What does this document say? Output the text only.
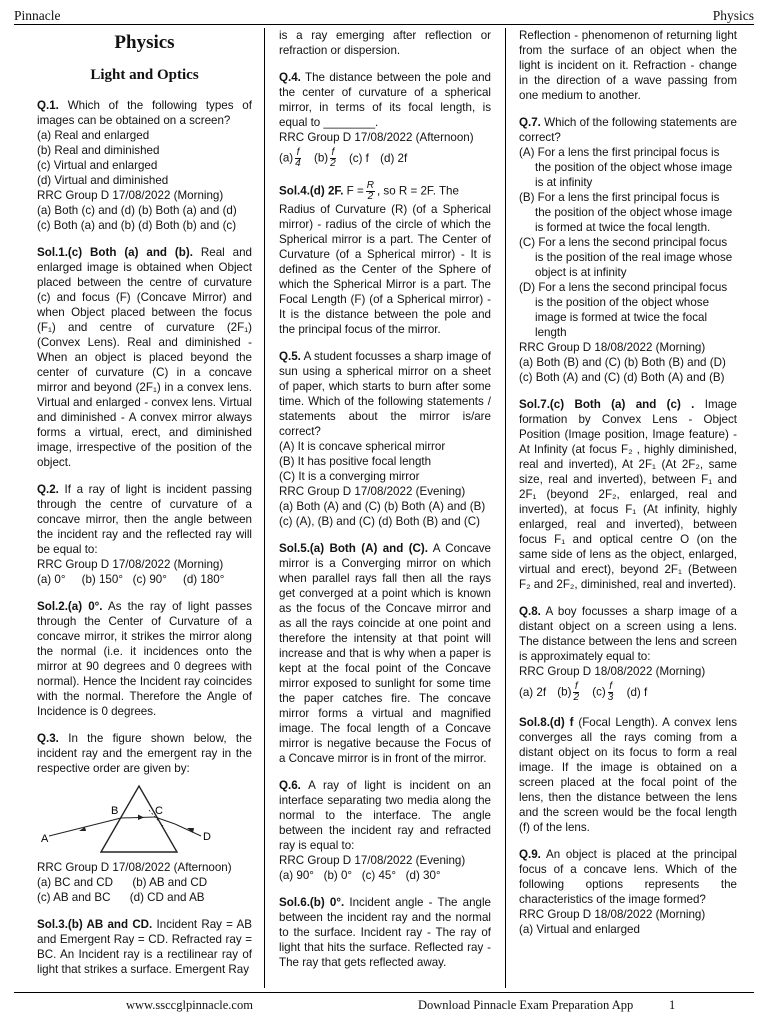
Pinnacle	Physics
Physics
Light and Optics

Q.1. Which of the following types of images can be obtained on a screen?

(a) Real and enlarged

(b) Real and diminished

(c) Virtual and enlarged

(d) Virtual and diminished

RRC Group D 17/08/2022 (Morning)

(a) Both (c) and (d) (b) Both (a) and (d)

(c) Both (a) and (b) (d) Both (b) and (c)

Sol.1.(c) Both (a) and (b). Real and enlarged image is obtained when Object placed between the centre of curvature (c) and focus (F) (Concave Mirror) and when Object placed between the focus (F₁) and centre of curvature (2F₁) (Convex Lens). Real and diminished - When an object is placed beyond the center of curvature (C) in a concave mirror and beyond (2F₁) in a convex lens. Virtual and enlarged - convex lens. Virtual and diminished - A convex mirror always forms a virtual, erect, and diminished image, irrespective of the position of the object.

Q.2. If a ray of light is incident passing through the centre of curvature of a concave mirror, then the angle between the incident ray and the reflected ray will be equal to:

RRC Group D 17/08/2022 (Morning)

(a) 0°     (b) 150°   (c) 90°     (d) 180°

Sol.2.(a) 0°. As the ray of light passes through the Center of Curvature of a concave mirror, it strikes the mirror along the normal (i.e. it incidences onto the mirror at 90 degrees and 0 degrees with normal). Hence the Incident ray coincides with the normal. Therefore the Angle of Incidence is 0 degrees.

Q.3. In the figure shown below, the incident ray and the emergent ray in the respective order are given by:

A
B	C
D

RRC Group D 17/08/2022 (Afternoon)

(a) BC and CD      (b) AB and CD

(c) AB and BC      (d) CD and AB

Sol.3.(b) AB and CD. Incident Ray = AB and Emergent Ray = CD. Refracted ray = BC. An Incident ray is a rectilinear ray of light that strikes a surface. Emergent Ray

is a ray emerging after reflection or refraction or dispersion.

Q.4. The distance between the pole and the center of curvature of a spherical mirror, in terms of its focal length, is equal to ________.

RRC Group D 17/08/2022 (Afternoon)

$(a) \frac{f}{4} (b) \frac{f}{2} (c)$ f (d) 2f

Sol.4.(d) 2F. $F = \frac{R}{2}$ , so R = 2F. The

Radius of Curvature (R) (of a Spherical mirror) - radius of the circle of which the Spherical mirror is a part. The Center of Curvature (of a Spherical mirror) - It is defined as the Center of the Sphere of which the Spherical Mirror is a part. The Focal Length (F) (of a Spherical mirror) - It is the distance between the pole and the principal focus of the mirror.

Q.5. A student focusses a sharp image of sun using a spherical mirror on a sheet of paper, which starts to burn after some time. Which of the following statements / statements about the mirror is/are correct?

(A) It is concave spherical mirror

(B) It has positive focal length

(C) It is a converging mirror

RRC Group D 17/08/2022 (Evening)

(a) Both (A) and (C) (b) Both (A) and (B)

(c) (A), (B) and (C) (d) Both (B) and (C)

Sol.5.(a) Both (A) and (C). A Concave mirror is a Converging mirror on which when parallel rays fall then all the rays get converged at a point which is known as the focus of the Concave mirror and as all the rays coincide at one point and therefore the intensity at that point will increase and that is why when a paper is kept at the focal point of the Concave mirror exposed to sunlight for some time the paper catches fire. The concave mirror forms a virtual and magnified image. The focal length of a Concave mirror is negative because the Focus of a Concave mirror is in front of the mirror.

Q.6. A ray of light is incident on an interface separating two media along the normal to the interface. The angle between the incident ray and refracted ray is equal to:

RRC Group D 17/08/2022 (Evening)

(a) 90°   (b) 0°   (c) 45°   (d) 30°

Sol.6.(b) 0°. Incident angle - The angle between the incident ray and the normal to the surface. Incident ray - The ray of light that hits the surface. Reflected ray - The ray that gets reflected away.

Reflection - phenomenon of returning light from the surface of an object when the light is incident on it. Refraction - change in the direction of a wave passing from one medium to another.

Q.7. Which of the following statements are correct?

(A) For a lens the first principal focus is the position of the object whose image is at infinity

(B) For a lens the first principal focus is the position of the object whose image is formed at twice the focal length.

(C) For a lens the second principal focus is the position of the real image whose object is at infinity

(D) For a lens the second principal focus is the position of the object whose image is formed at twice the focal length

RRC Group D 18/08/2022 (Morning)

(a) Both (B) and (C) (b) Both (B) and (D)

(c) Both (A) and (C) (d) Both (A) and (B)

Sol.7.(c) Both (a) and (c) . Image formation by Convex Lens - Object Position (Image position, Image feature) - At Infinity (at focus F₂ , highly diminished, real and inverted), At 2F₁ (At 2F₂, same size, real and inverted), between F₁ and 2F₁ (beyond 2F₂, enlarged, real and inverted), at focus F₁ (At infinity, highly enlarged, real and inverted), between focus F₁ and optical centre O (on the same side of lens as the object, enlarged, virtual and erect), beyond 2F₁ (Between F₂ and 2F₂, diminished, real and inverted).

Q.8. A boy focusses a sharp image of a distant object on a screen using a lens. The distance between the lens and screen is approximately equal to:

RRC Group D 18/08/2022 (Morning)

(a) 2f $(b) \frac{f}{2} (c) \frac{f}{3} (d)$ f

Sol.8.(d) f (Focal Length). A convex lens converges all the rays coming from a distant object on its focus to form a real image. If the image is obtained on a screen placed at the focal point of the lens, then the distance between the lens and the screen would be the focal length (f) of the lens.

Q.9. An object is placed at the principal focus of a concave lens. Which of the following options represents the characteristics of the image formed?

RRC Group D 18/08/2022 (Morning)

(a) Virtual and enlarged

www.ssccglpinnacle.com	Download Pinnacle Exam Preparation App	1
